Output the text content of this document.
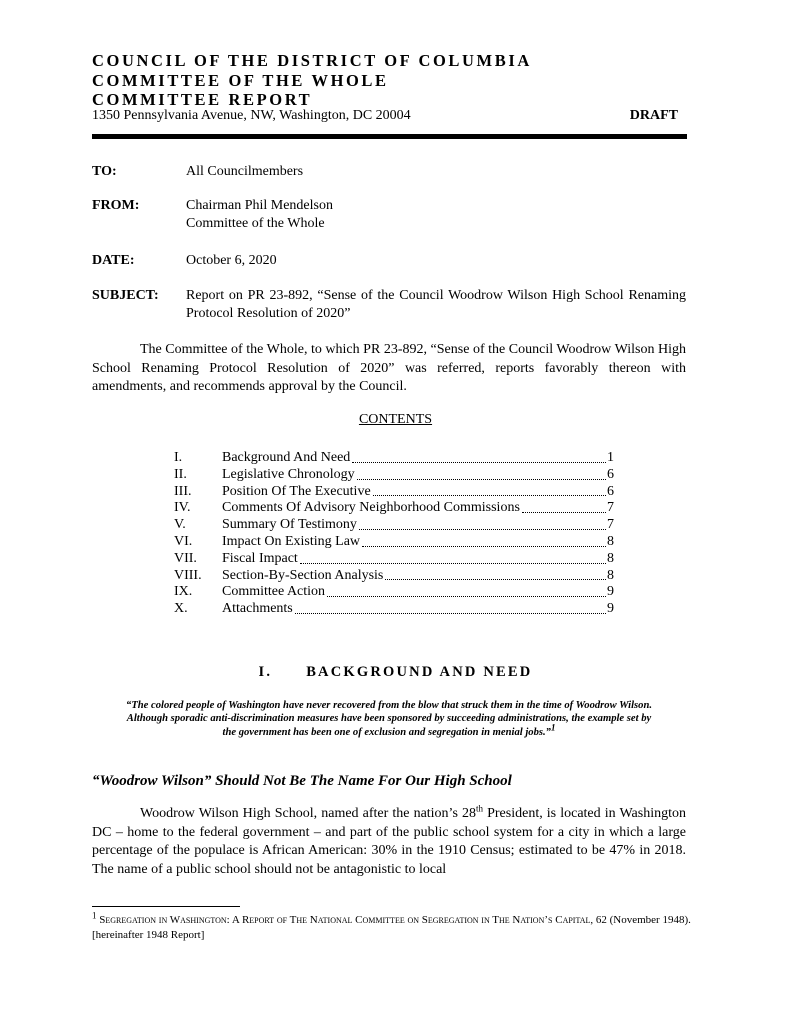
COUNCIL OF THE DISTRICT OF COLUMBIA

COMMITTEE OF THE WHOLE

COMMITTEE REPORT

1350 Pennsylvania Avenue, NW, Washington, DC 20004	DRAFT
TO:	All Councilmembers
FROM:	Chairman Phil Mendelson
Committee of the Whole
DATE:	October 6, 2020
SUBJECT: Report on PR 23-892, “Sense of the Council Woodrow Wilson High School Renaming Protocol Resolution of 2020”
The Committee of the Whole, to which PR 23-892, “Sense of the Council Woodrow Wilson High School Renaming Protocol Resolution of 2020” was referred, reports favorably thereon with amendments, and recommends approval by the Council.
CONTENTS
I.	Background And Need	1
II.	Legislative Chronology	6
III. Position Of The Executive	6
IV. Comments Of Advisory Neighborhood Commissions	7
V.	Summary Of Testimony	7
VI. Impact On Existing Law	8
VII. Fiscal Impact	8
VIII. Section-By-Section Analysis	8
IX. Committee Action	9
X. Attachments	9
I. BACKGROUND AND NEED
“The colored people of Washington have never recovered from the blow that struck them in the time of Woodrow Wilson. Although sporadic anti-discrimination measures have been sponsored by succeeding administrations, the example set by the government has been one of exclusion and segregation in menial jobs.”$^1$
“Woodrow Wilson” Should Not Be The Name For Our High School
Woodrow Wilson High School, named after the nation’s 28th President, is located in Washington DC – home to the federal government – and part of the public school system for a city in which a large percentage of the populace is African American: 30% in the 1910 Census; estimated to be 47% in 2018. The name of a public school should not be antagonistic to local
$^1$ Segregation in Washington: A Report of The National Committee on Segregation in The Nation’s Capital, 62 (November 1948). [hereinafter 1948 Report]
